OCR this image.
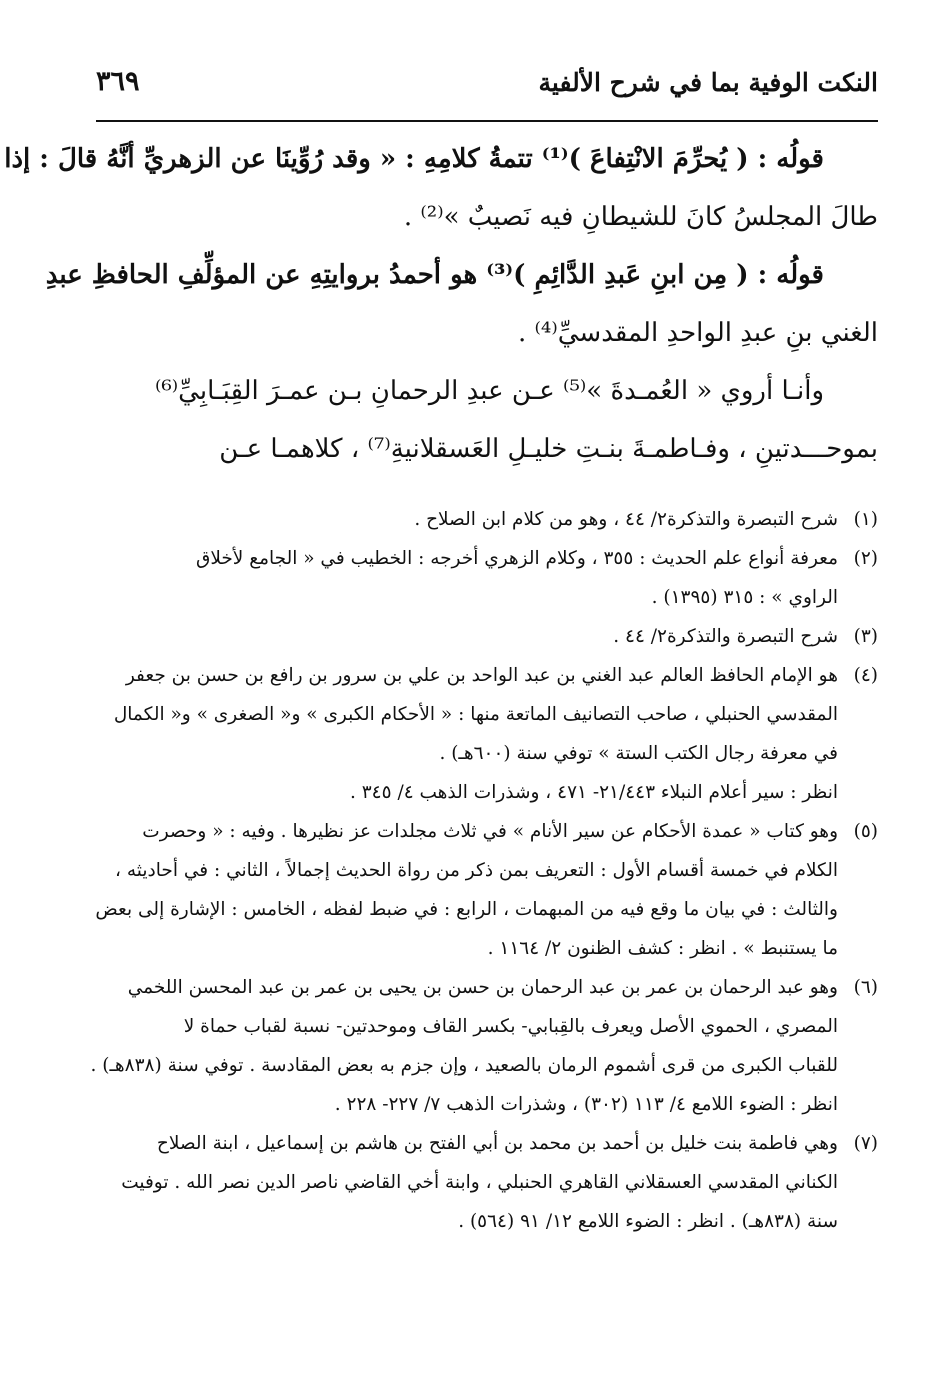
النكت الوفية بما في شرح الألفية
٣٦٩
قولُه : ( يُحرِّمَ الانْتِفاعَ )⁽¹⁾ تتمةُ كلامِهِ : « وقد رُوِّينَا عن الزهريِّ أنَّهُ قالَ : إذا
طالَ المجلسُ كانَ للشيطانِ فيه نَصيبٌ »⁽²⁾ .
قولُه : ( مِن ابنِ عَبدِ الدَّائِمِ )⁽³⁾ هو أحمدُ بروايتِهِ عن المؤلِّفِ الحافظِ عبدِ
الغني بنِ عبدِ الواحدِ المقدسيِّ⁽⁴⁾ .
وأنـا أروي « العُمـدةَ »⁽⁵⁾ عـن عبدِ الرحمانِ بـن عمـرَ القِبَـابِيِّ⁽⁶⁾
بموحـــدتينِ ، وفـاطمـةَ بنـتِ خليـلِ العَسقلانيةِ⁽⁷⁾ ، كلاهمـا عـن
(١)
شرح التبصرة والتذكرة٢/ ٤٤ ، وهو من كلام ابن الصلاح .
(٢)
معرفة أنواع علم الحديث : ٣٥٥ ، وكلام الزهري أخرجه : الخطيب في « الجامع لأخلاق
الراوي » : ٣١٥ (١٣٩٥) .
(٣)
شرح التبصرة والتذكرة٢/ ٤٤ .
(٤)
هو الإمام الحافظ العالم عبد الغني بن عبد الواحد بن علي بن سرور بن رافع بن حسن بن جعفر
المقدسي الحنبلي ، صاحب التصانيف الماتعة منها : « الأحكام الكبرى » و« الصغرى » و« الكمال
في معرفة رجال الكتب الستة » توفي سنة (٦٠٠هـ) .
انظر : سير أعلام النبلاء ٢١/٤٤٣- ٤٧١ ، وشذرات الذهب ٤/ ٣٤٥ .
(٥)
وهو كتاب « عمدة الأحكام عن سير الأنام » في ثلاث مجلدات عز نظيرها . وفيه : « وحصرت
الكلام في خمسة أقسام الأول : التعريف بمن ذكر من رواة الحديث إجمالاً ، الثاني : في أحاديثه ،
والثالث : في بيان ما وقع فيه من المبهمات ، الرابع : في ضبط لفظه ، الخامس : الإشارة إلى بعض
ما يستنبط » . انظر : كشف الظنون ٢/ ١١٦٤ .
(٦)
وهو عبد الرحمان بن عمر بن عبد الرحمان بن حسن بن يحيى بن عمر بن عبد المحسن اللخمي
المصري ، الحموي الأصل ويعرف بالقِبابي- بكسر القاف وموحدتين- نسبة لقباب حماة لا
للقباب الكبرى من قرى أشموم الرمان بالصعيد ، وإن جزم به بعض المقادسة . توفي سنة (٨٣٨هـ) .
انظر : الضوء اللامع ٤/ ١١٣ (٣٠٢) ، وشذرات الذهب ٧/ ٢٢٧- ٢٢٨ .
(٧)
وهي فاطمة بنت خليل بن أحمد بن محمد بن أبي الفتح بن هاشم بن إسماعيل ، ابنة الصلاح
الكناني المقدسي العسقلاني القاهري الحنبلي ، وابنة أخي القاضي ناصر الدين نصر الله . توفيت
سنة (٨٣٨هـ) . انظر : الضوء اللامع ١٢/ ٩١ (٥٦٤) .
